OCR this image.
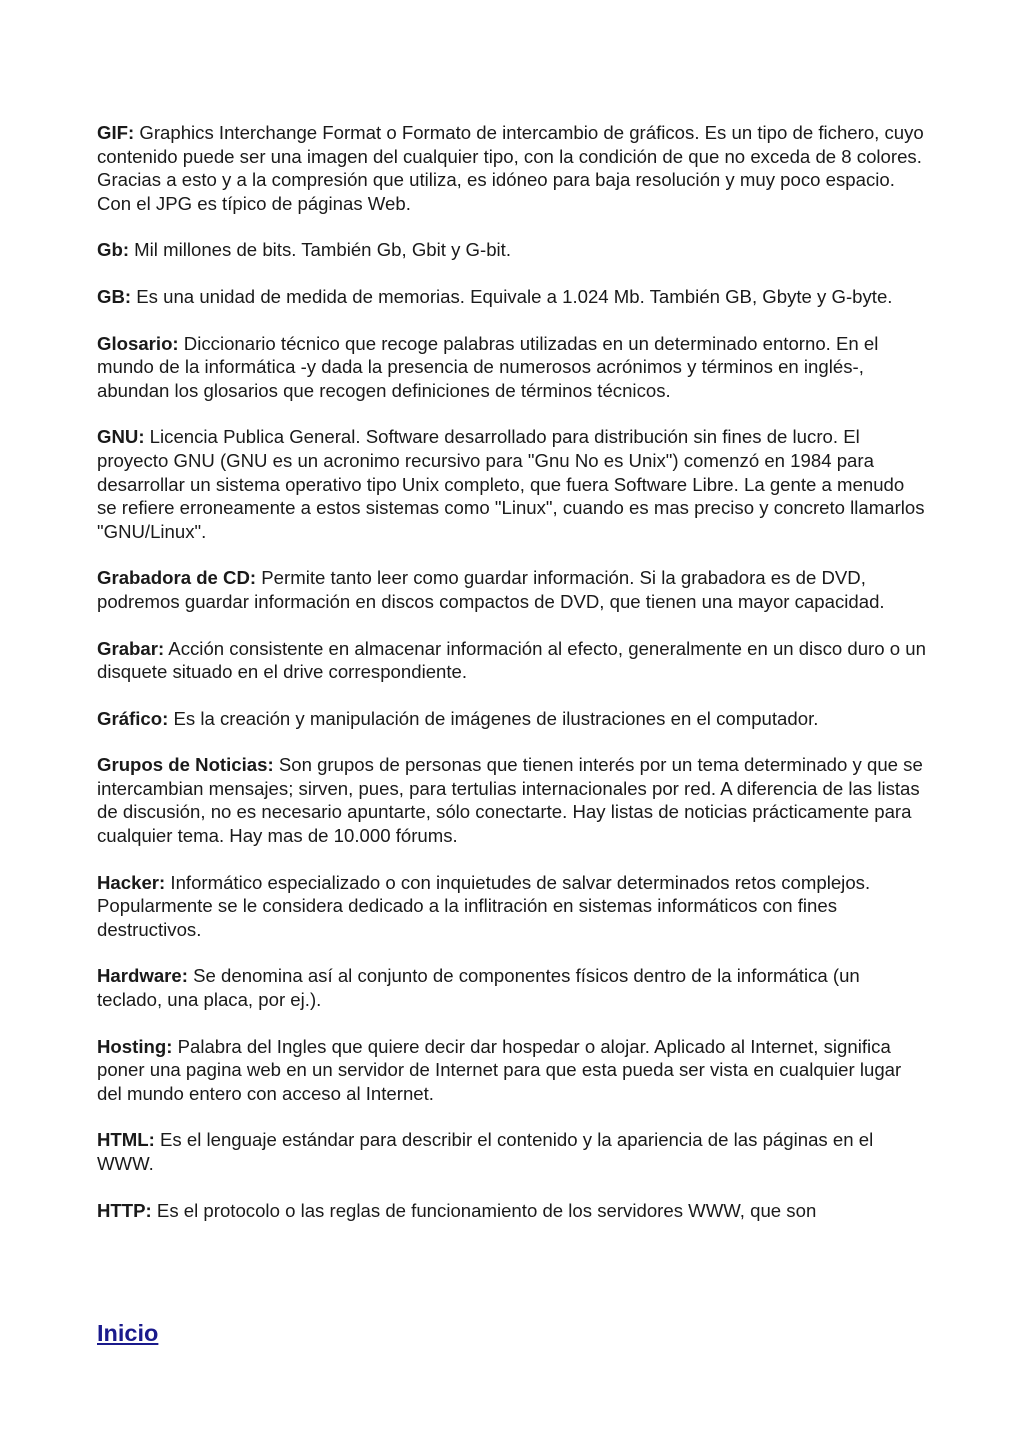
GIF: Graphics Interchange Format o Formato de intercambio de gráficos. Es un tipo de fichero, cuyo contenido puede ser una imagen del cualquier tipo, con la condición de que no exceda de 8 colores. Gracias a esto y a la compresión que utiliza, es idóneo para baja resolución y muy poco espacio. Con el JPG es típico de páginas Web.
Gb: Mil millones de bits. También Gb, Gbit y G-bit.
GB: Es una unidad de medida de memorias. Equivale a 1.024 Mb. También GB, Gbyte y G-byte.
Glosario: Diccionario técnico que recoge palabras utilizadas en un determinado entorno. En el mundo de la informática -y dada la presencia de numerosos acrónimos y términos en inglés-, abundan los glosarios que recogen definiciones de términos técnicos.
GNU: Licencia Publica General. Software desarrollado para distribución sin fines de lucro. El proyecto GNU (GNU es un acronimo recursivo para "Gnu No es Unix") comenzó en 1984 para desarrollar un sistema operativo tipo Unix completo, que fuera Software Libre. La gente a menudo se refiere erroneamente a estos sistemas como "Linux", cuando es mas preciso y concreto llamarlos "GNU/Linux".
Grabadora de CD: Permite tanto leer como guardar información. Si la grabadora es de DVD, podremos guardar información en discos compactos de DVD, que tienen una mayor capacidad.
Grabar: Acción consistente en almacenar información al efecto, generalmente en un disco duro o un disquete situado en el drive correspondiente.
Gráfico: Es la creación y manipulación de imágenes de ilustraciones en el computador.
Grupos de Noticias: Son grupos de personas que tienen interés por un tema determinado y que se intercambian mensajes; sirven, pues, para tertulias internacionales por red. A diferencia de las listas de discusión, no es necesario apuntarte, sólo conectarte. Hay listas de noticias prácticamente para cualquier tema. Hay mas de 10.000 fórums.
Hacker: Informático especializado o con inquietudes de salvar determinados retos complejos. Popularmente se le considera dedicado a la inflitración en sistemas informáticos con fines destructivos.
Hardware: Se denomina así al conjunto de componentes físicos dentro de la informática (un teclado, una placa, por ej.).
Hosting: Palabra del Ingles que quiere decir dar hospedar o alojar. Aplicado al Internet, significa poner una pagina web en un servidor de Internet para que esta pueda ser vista en cualquier lugar del mundo entero con acceso al Internet.
HTML: Es el lenguaje estándar para describir el contenido y la apariencia de las páginas en el WWW.
HTTP: Es el protocolo o las reglas de funcionamiento de los servidores WWW, que son
Inicio
